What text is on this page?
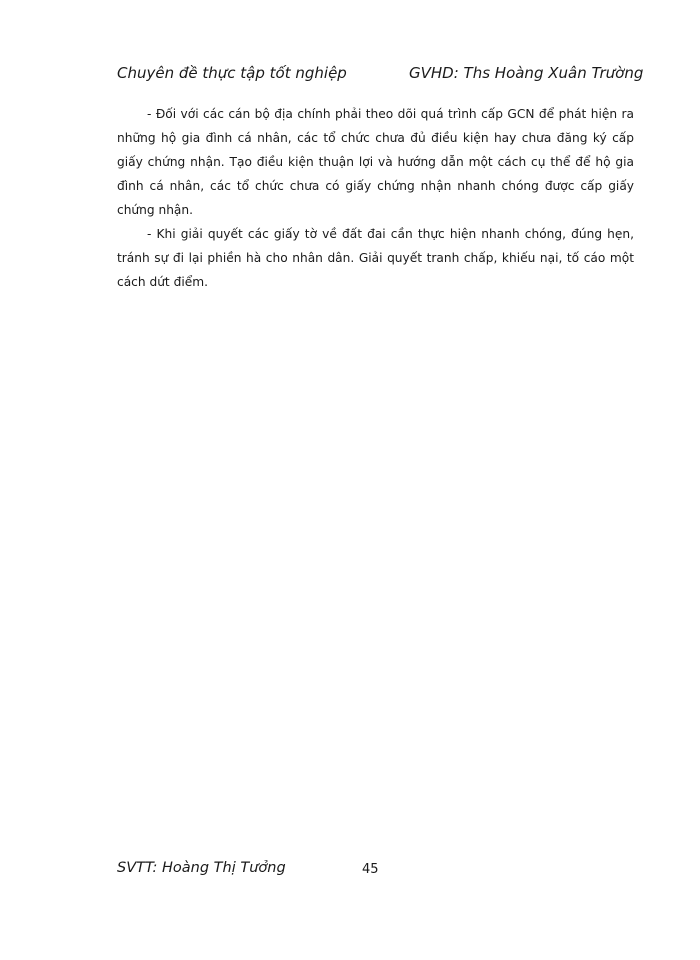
Chuyên đề thực tập tốt nghiệp	GVHD: Ths Hoàng Xuân Trường

- Đối với các cán bộ địa chính phải theo dõi quá trình cấp GCN để phát hiện ra những hộ gia đình cá nhân, các tổ chức chưa đủ điều kiện hay chưa đăng ký cấp giấy chứng nhận. Tạo điều kiện thuận lợi và hướng dẫn một cách cụ thể để hộ gia đình cá nhân, các tổ chức chưa có giấy chứng nhận nhanh chóng được cấp giấy chứng nhận.

- Khi giải quyết các giấy tờ về đất đai cần thực hiện nhanh chóng, đúng hẹn, tránh sự đi lại phiền hà cho nhân dân. Giải quyết tranh chấp, khiếu nại, tố cáo một cách dứt điểm.

SVTT: Hoàng Thị Tưởng	45
